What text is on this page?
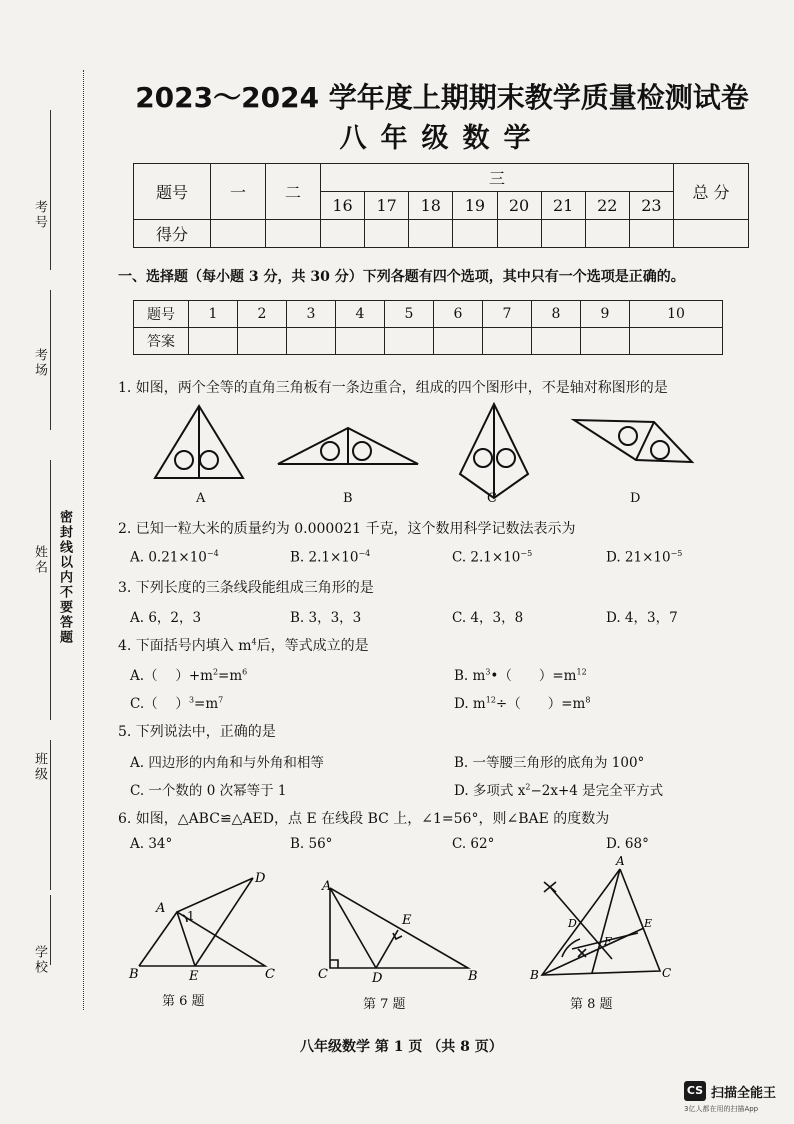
考号
考场
姓名 密封线以内不要答题
班级
学校
2023～2024 学年度上期期末教学质量检测试卷
八年级数学
题号	一	二	三								总 分
			16	17	18	19	20	21	22	23	
得分											
一、选择题（每小题 3 分，共 30 分）下列各题有四个选项，其中只有一个选项是正确的。
题号	1	2	3	4	5	6	7	8	9	10
答案										
1. 如图，两个全等的直角三角板有一条边重合，组成的四个图形中，不是轴对称图形的是
A	B	C	D
2. 已知一粒大米的质量约为 0.000021 千克，这个数用科学记数法表示为
A. $0.21\times 10^{-4}$	B. $2.1\times 10^{-4}$	C. $2.1\times 10^{-5}$	D. $21\times 10^{-5}$
3. 下列长度的三条线段能组成三角形的是
A. 6，2，3	B. 3，3，3	C. 4，3，8	D. 4，3，7
4. 下面括号内填入 $m^4$后，等式成立的是
A.（　 ）$+m^2=m^6$	B. $m^3•$（　　）$=m^{12}$
C.（　 ）$^3=m^7$	D. $m^{12}\div$（　　）$=m^8$
5. 下列说法中，正确的是
A. 四边形的内角和与外角和相等	B. 一等腰三角形的底角为 100°
C. 一个数的 0 次幂等于 1	D. 多项式 $x^2-2x+4$ 是完全平方式
6. 如图，△ABC≌△AED，点 E 在线段 BC 上，∠1=56°，则∠BAE 的度数为
A. 34°	B. 56°	C. 62°	D. 68°
A
B	C
D
E
1
第 6 题
A
B
C	D
E
第 7 题
A
B	C
D	E
F
第 8 题
八年级数学 第 1 页 （共 8 页）
CS 扫描全能王
3亿人都在用的扫描App
